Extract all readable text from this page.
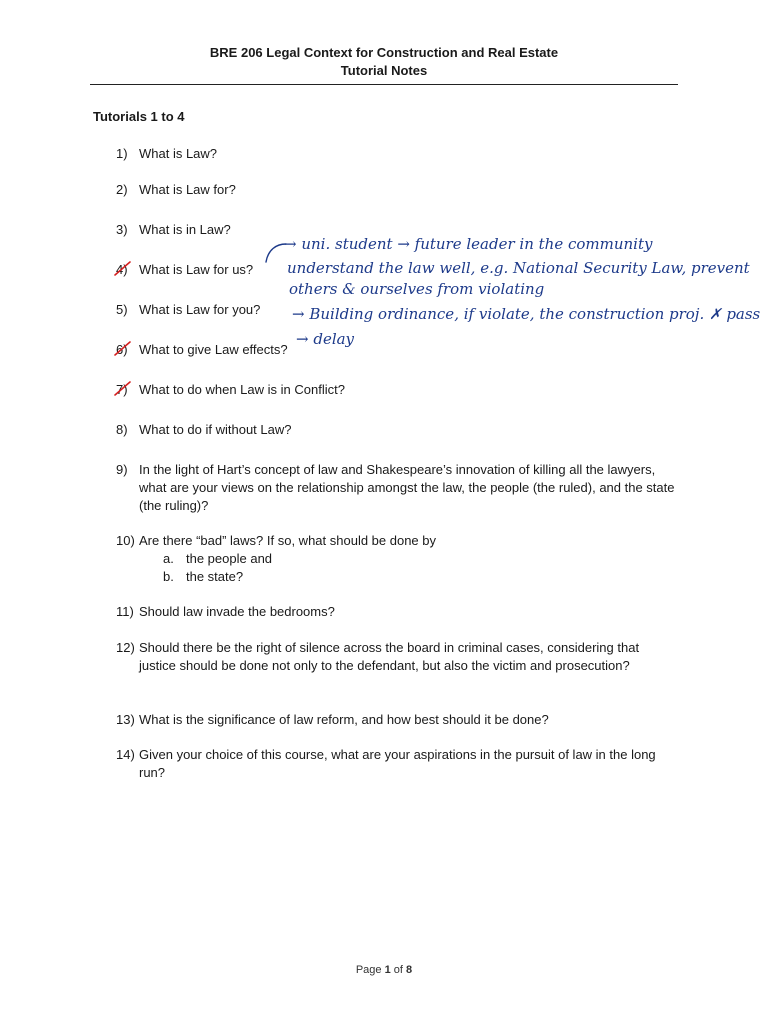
BRE 206 Legal Context for Construction and Real Estate
Tutorial Notes
Tutorials 1 to 4
1) What is Law?
2) What is Law for?
3) What is in Law?
4) What is Law for us?
5) What is Law for you?
6) What to give Law effects?
7) What to do when Law is in Conflict?
8) What to do if without Law?
9) In the light of Hart’s concept of law and Shakespeare’s innovation of killing all the lawyers, what are your views on the relationship amongst the law, the people (the ruled), and the state (the ruling)?
10) Are there “bad” laws? If so, what should be done by
a. the people and
b. the state?
11) Should law invade the bedrooms?
12) Should there be the right of silence across the board in criminal cases, considering that justice should be done not only to the defendant, but also the victim and prosecution?
13) What is the significance of law reform, and how best should it be done?
14) Given your choice of this course, what are your aspirations in the pursuit of law in the long run?
→ uni. student → future leader in the community
understand the law well, e.g. National Security Law, prevent
others & ourselves from violating
→ Building ordinance, if violate, the construction proj. ✗ pass
→ delay
Page 1 of 8
